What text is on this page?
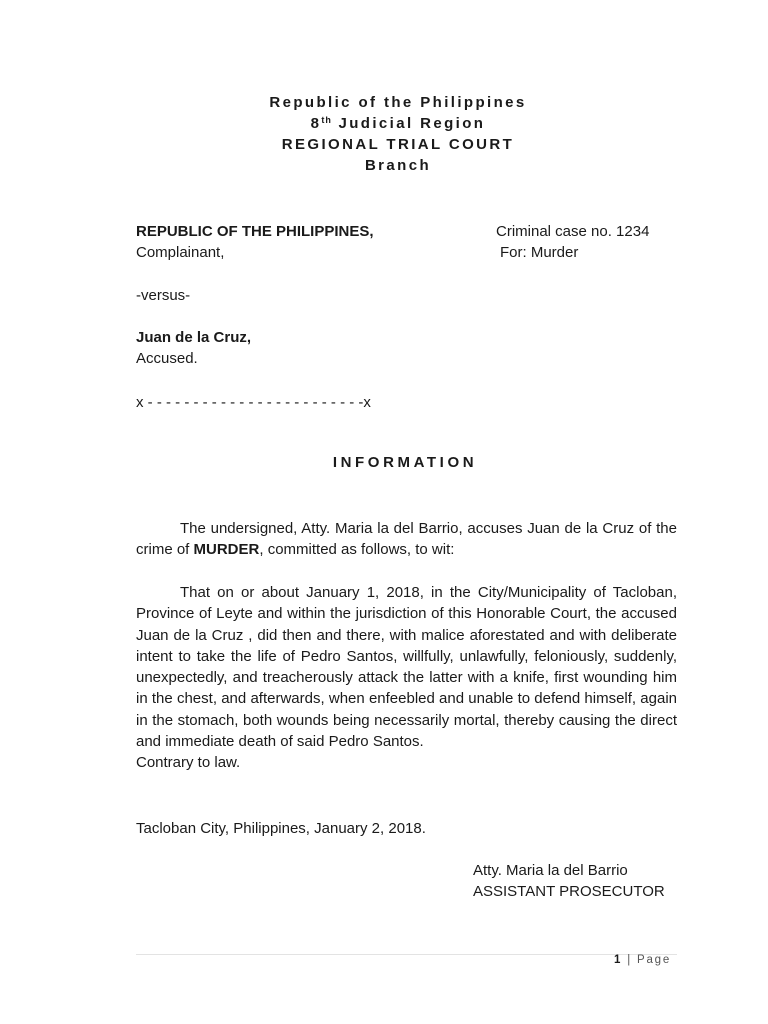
Republic of the Philippines
8th Judicial Region
REGIONAL TRIAL COURT
Branch
REPUBLIC OF THE PHILIPPINES,
Complainant,
Criminal case no. 1234
For: Murder
-versus-
Juan de la Cruz,
Accused.
x - - - - - - - - - - - - - - - - - - - - - - - -x
INFORMATION
The undersigned, Atty. Maria la del Barrio, accuses Juan de la Cruz of the crime of MURDER, committed as follows, to wit:
That on or about January 1, 2018, in the City/Municipality of Tacloban, Province of Leyte and within the jurisdiction of this Honorable Court, the accused Juan de la Cruz , did then and there, with malice aforestated and with deliberate intent to take the life of Pedro Santos, willfully, unlawfully, feloniously, suddenly, unexpectedly, and treacherously attack the latter with a knife, first wounding him in the chest, and afterwards, when enfeebled and unable to defend himself, again in the stomach, both wounds being necessarily mortal, thereby causing the direct and immediate death of said Pedro Santos.
Contrary to law.
Tacloban City, Philippines, January 2, 2018.
Atty. Maria la del Barrio
ASSISTANT PROSECUTOR
1 | Page
